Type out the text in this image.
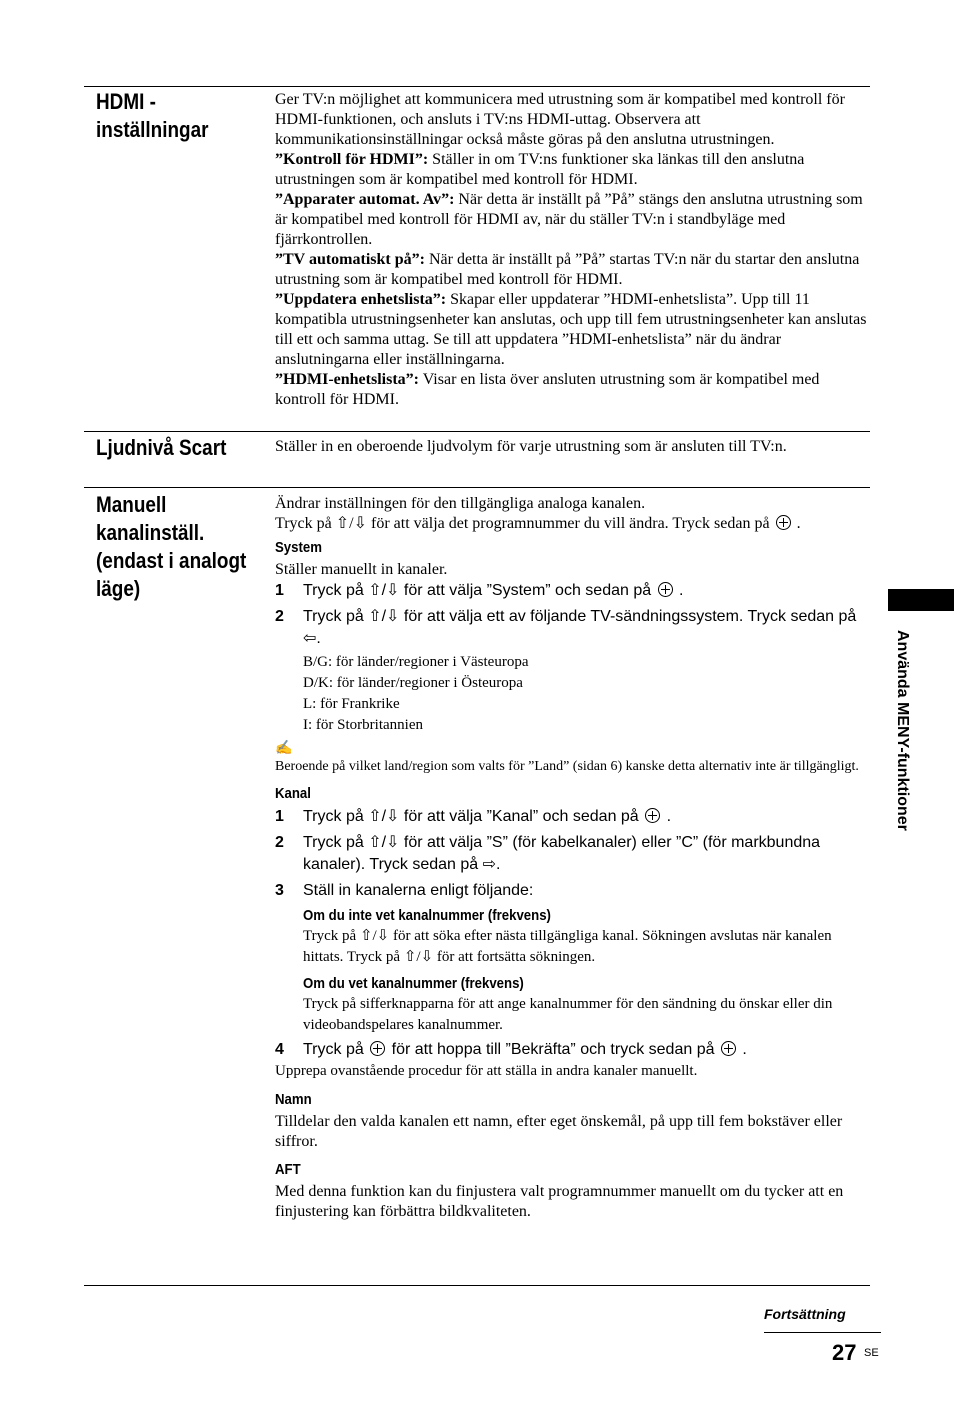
HDMI -
inställningar

Ger TV:n möjlighet att kommunicera med utrustning som är kompatibel med kontroll för HDMI-funktionen, och ansluts i TV:ns HDMI-uttag. Observera att kommunikationsinställningar också måste göras på den anslutna utrustningen.

”Kontroll för HDMI”: Ställer in om TV:ns funktioner ska länkas till den anslutna utrustningen som är kompatibel med kontroll för HDMI.

”Apparater automat. Av”: När detta är inställt på ”På” stängs den anslutna utrustning som är kompatibel med kontroll för HDMI av, när du ställer TV:n i standbyläge med fjärrkontrollen.

”TV automatiskt på”: När detta är inställt på ”På” startas TV:n när du startar den anslutna utrustning som är kompatibel med kontroll för HDMI.

”Uppdatera enhetslista”: Skapar eller uppdaterar ”HDMI-enhetslista”. Upp till 11 kompatibla utrustningsenheter kan anslutas, och upp till fem utrustningsenheter kan anslutas till ett och samma uttag. Se till att uppdatera ”HDMI-enhetslista” när du ändrar anslutningarna eller inställningarna.

”HDMI-enhetslista”: Visar en lista över ansluten utrustning som är kompatibel med kontroll för HDMI.

Ljudnivå Scart	Ställer in en oberoende ljudvolym för varje utrustning som är ansluten till TV:n.

Manuell
kanalinställ.
(endast i analogt
läge)

Ändrar inställningen för den tillgängliga analoga kanalen.

Tryck på ⇧/⇩ för att välja det programnummer du vill ändra. Tryck sedan på .

System

Ställer manuellt in kanaler.

1 Tryck på ⇧/⇩ för att välja ”System” och sedan på .
2 Tryck på ⇧/⇩ för att välja ett av följande TV-sändningssystem. Tryck sedan på ⇦.
B/G: för länder/regioner i Västeuropa
D/K: för länder/regioner i Östeuropa
L: för Frankrike
I: för Storbritannien
✍

Beroende på vilket land/region som valts för ”Land” (sidan 6) kanske detta alternativ inte är tillgängligt.

Kanal
1 Tryck på ⇧/⇩ för att välja ”Kanal” och sedan på .
2 Tryck på ⇧/⇩ för att välja ”S” (för kabelkanaler) eller ”C” (för markbundna kanaler). Tryck sedan på ⇨.
3 Ställ in kanalerna enligt följande:
Om du inte vet kanalnummer (frekvens)

Tryck på ⇧/⇩ för att söka efter nästa tillgängliga kanal. Sökningen avslutas när kanalen hittats. Tryck på ⇧/⇩ för att fortsätta sökningen.

Om du vet kanalnummer (frekvens)

Tryck på sifferknapparna för att ange kanalnummer för den sändning du önskar eller din videobandspelares kanalnummer.

4 Tryck på för att hoppa till ”Bekräfta” och tryck sedan på .

Upprepa ovanstående procedur för att ställa in andra kanaler manuellt.

Namn

Tilldelar den valda kanalen ett namn, efter eget önskemål, på upp till fem bokstäver eller siffror.

AFT

Med denna funktion kan du finjustera valt programnummer manuellt om du tycker att en finjustering kan förbättra bildkvaliteten.

Använda MENY-funktioner
Fortsättning
27 SE
